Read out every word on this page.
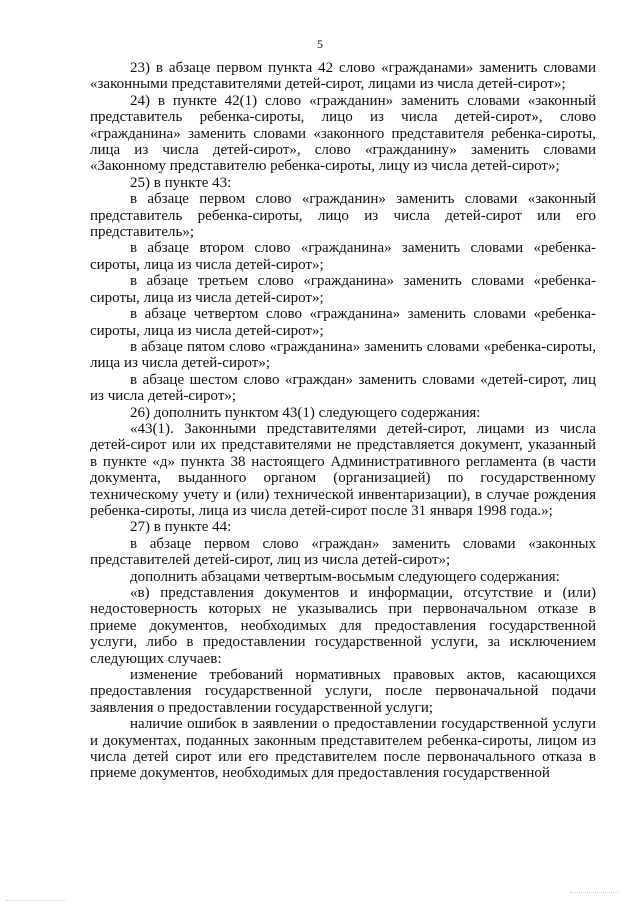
5

23) в абзаце первом пункта 42 слово «гражданами» заменить словами «законными представителями детей-сирот, лицами из числа детей-сирот»;

24) в пункте 42(1) слово «гражданин» заменить словами «законный представитель ребенка-сироты, лицо из числа детей-сирот», слово «гражданина» заменить словами «законного представителя ребенка-сироты, лица из числа детей-сирот», слово «гражданину» заменить словами «Законному представителю ребенка-сироты, лицу из числа детей-сирот»;

25) в пункте 43:

в абзаце первом слово «гражданин» заменить словами «законный представитель ребенка-сироты, лицо из числа детей-сирот или его представитель»;

в абзаце втором слово «гражданина» заменить словами «ребенка-сироты, лица из числа детей-сирот»;

в абзаце третьем слово «гражданина» заменить словами «ребенка-сироты, лица из числа детей-сирот»;

в абзаце четвертом слово «гражданина» заменить словами «ребенка-сироты, лица из числа детей-сирот»;

в абзаце пятом слово «гражданина» заменить словами «ребенка-сироты, лица из числа детей-сирот»;

в абзаце шестом слово «граждан» заменить словами «детей-сирот, лиц из числа детей-сирот»;

26) дополнить пунктом 43(1) следующего содержания:

«43(1). Законными представителями детей-сирот, лицами из числа детей-сирот или их представителями не представляется документ, указанный в пункте «д» пункта 38 настоящего Административного регламента (в части документа, выданного органом (организацией) по государственному техническому учету и (или) технической инвентаризации), в случае рождения ребенка-сироты, лица из числа детей-сирот после 31 января 1998 года.»;

27) в пункте 44:

в абзаце первом слово «граждан» заменить словами «законных представителей детей-сирот, лиц из числа детей-сирот»;

дополнить абзацами четвертым-восьмым следующего содержания:

«в) представления документов и информации, отсутствие и (или) недостоверность которых не указывались при первоначальном отказе в приеме документов, необходимых для предоставления государственной услуги, либо в предоставлении государственной услуги, за исключением следующих случаев:

изменение требований нормативных правовых актов, касающихся предоставления государственной услуги, после первоначальной подачи заявления о предоставлении государственной услуги;

наличие ошибок в заявлении о предоставлении государственной услуги и документах, поданных законным представителем ребенка-сироты, лицом из числа детей сирот или его представителем после первоначального отказа в приеме документов, необходимых для предоставления государственной
